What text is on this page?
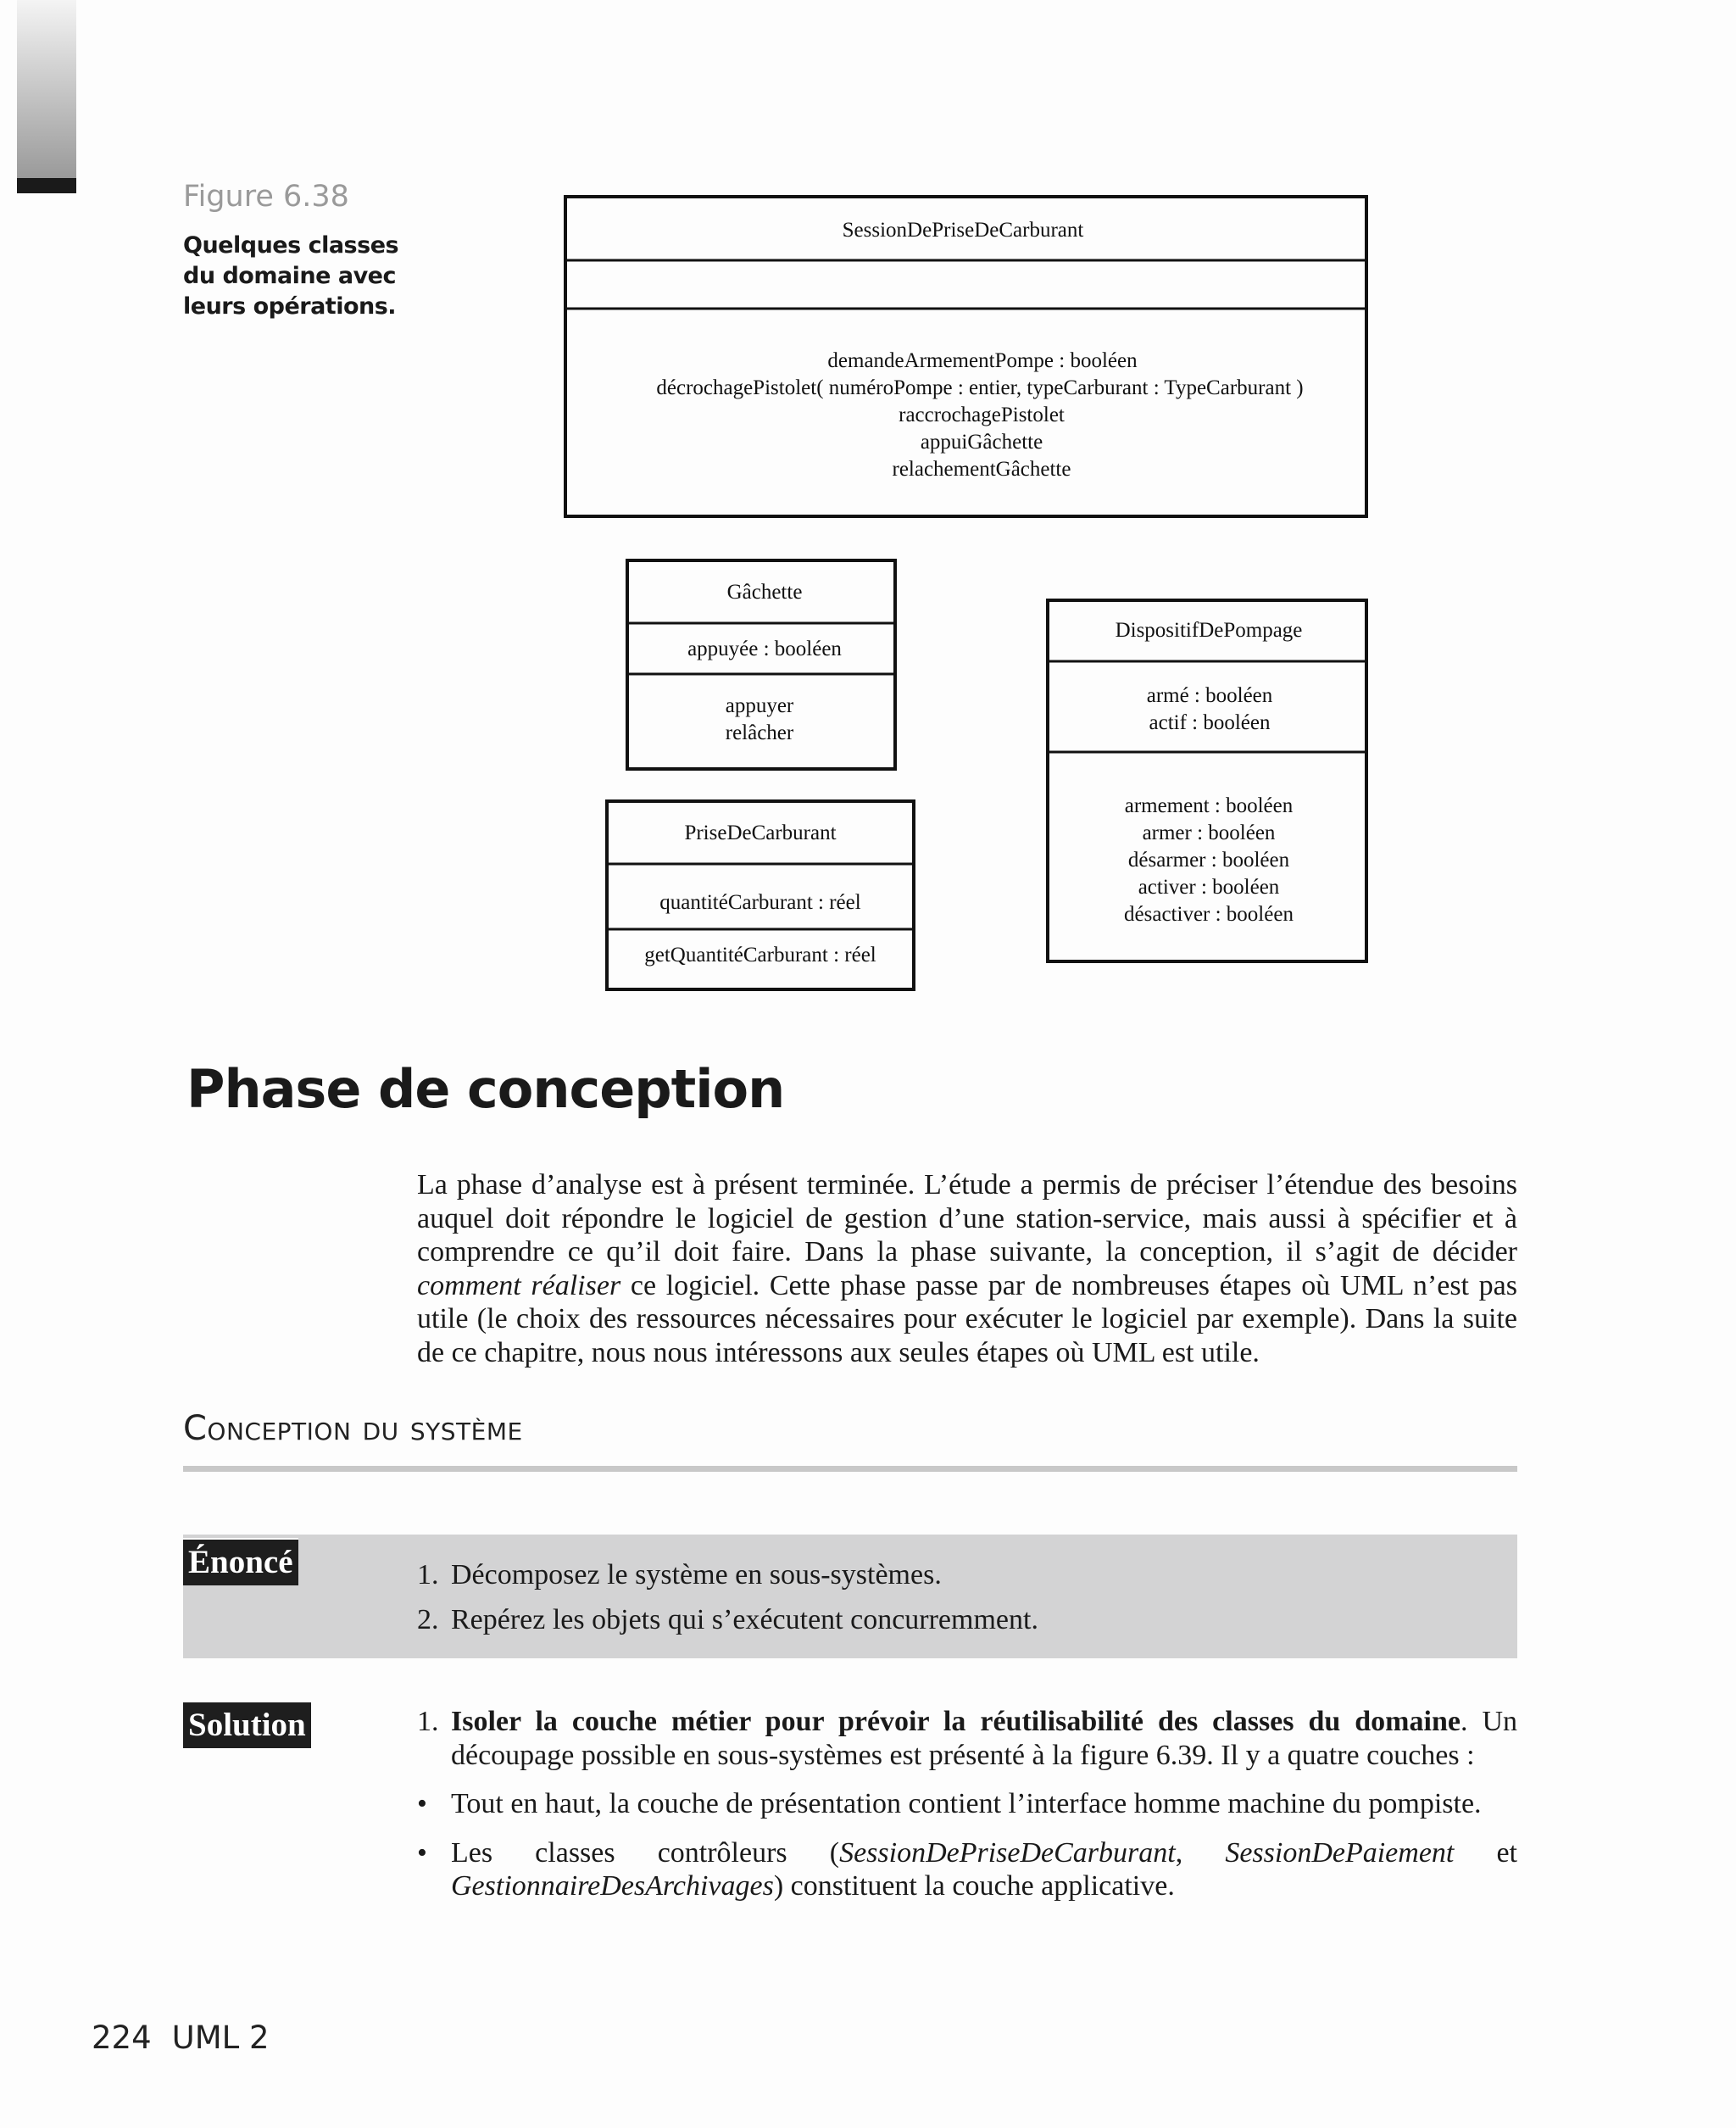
Figure 6.38
Quelques classes
du domaine avec
leurs opérations.
SessionDePriseDeCarburant
demandeArmementPompe : booléen
décrochagePistolet( numéroPompe : entier, typeCarburant : TypeCarburant )
raccrochagePistolet
appuiGâchette
relachementGâchette
Gâchette
appuyée : booléen
appuyer
relâcher
PriseDeCarburant
quantitéCarburant : réel
getQuantitéCarburant : réel
DispositifDePompage
armé : booléen
actif : booléen
armement : booléen
armer : booléen
désarmer : booléen
activer : booléen
désactiver : booléen
Phase de conception

La phase d’analyse est à présent terminée. L’étude a permis de préciser l’étendue des besoins auquel doit répondre le logiciel de gestion d’une station-service, mais aussi à spécifier et à comprendre ce qu’il doit faire. Dans la phase suivante, la conception, il s’agit de décider comment réaliser ce logiciel. Cette phase passe par de nombreuses étapes où UML n’est pas utile (le choix des ressources nécessaires pour exécuter le logiciel par exemple). Dans la suite de ce chapitre, nous nous intéressons aux seules étapes où UML est utile.

Conception du système
Énoncé	1. Décomposez le système en sous-systèmes.
2. Repérez les objets qui s’exécutent concurremment.
Solution	1. Isoler la couche métier pour prévoir la réutilisabilité des classes du domaine. Un découpage possible en sous-systèmes est présenté à la figure 6.39. Il y a quatre couches :
• Tout en haut, la couche de présentation contient l’interface homme machine du pompiste.
• Les classes contrôleurs (SessionDePriseDeCarburant, SessionDePaiement et GestionnaireDesArchivages) constituent la couche applicative.
224 UML 2
